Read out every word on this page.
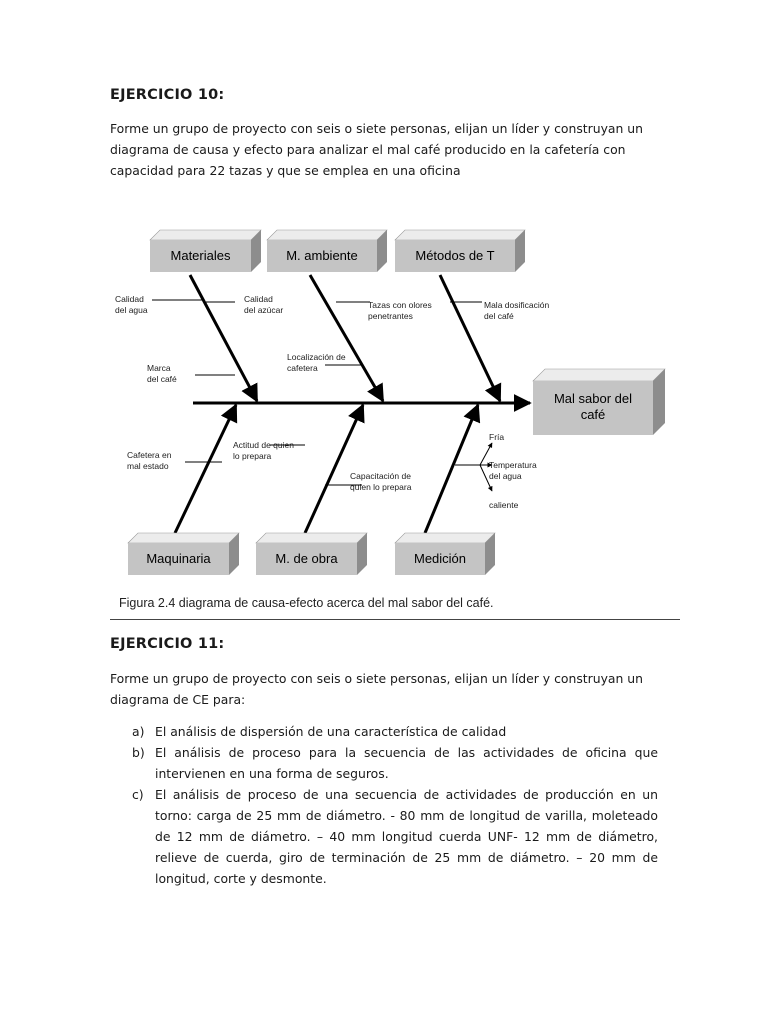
EJERCICIO 10:
Forme un grupo de proyecto con seis o siete personas, elijan un líder y construyan un diagrama de causa y efecto para analizar el mal café producido en la cafetería con capacidad para 22 tazas y que se emplea en una oficina
Materiales	M. ambiente	Métodos de T
Maquinaria	M. de obra	Medición
Mal sabor del
café
Calidad
del agua
Calidad
del azúcar
Marca
del café
Tazas con olores
penetrantes
Localización de
cafetera
Mala dosificación
del café
Cafetera en
mal estado
Actitud de quien
lo prepara
Capacitación de
quien lo prepara
Fría
Temperatura
del agua
caliente
Figura 2.4 diagrama de causa-efecto acerca del mal sabor del café.
EJERCICIO 11:
Forme un grupo de proyecto con seis o siete personas, elijan un líder y construyan un diagrama de CE para:
a) El análisis de dispersión de una característica de calidad
b) El análisis de proceso para la secuencia de las actividades de oficina que intervienen en una forma de seguros.
c) El análisis de proceso de una secuencia de actividades de producción en un torno: carga de 25 mm de diámetro. - 80 mm de longitud de varilla, moleteado de 12 mm de diámetro. – 40 mm longitud cuerda UNF- 12 mm de diámetro, relieve de cuerda, giro de terminación de 25 mm de diámetro. – 20 mm de longitud, corte y desmonte.
